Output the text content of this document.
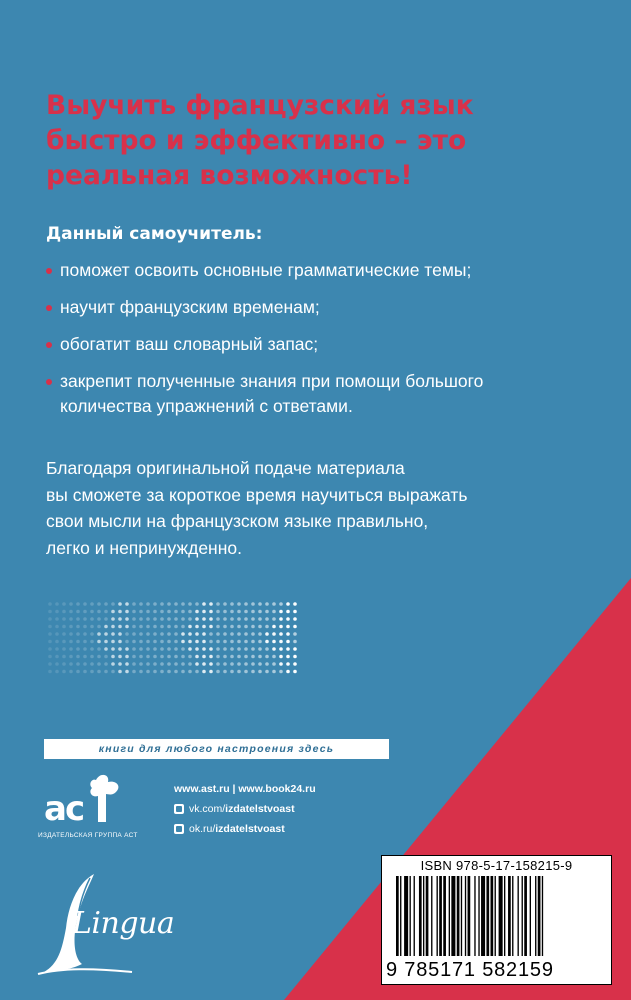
Выучить французский язык
быстро и эффективно – это
реальная возможность!

Данный самоучитель:

поможет освоить основные грамматические темы;
научит французским временам;
обогатит ваш словарный запас;
закрепит полученные знания при помощи большого
количества упражнений с ответами.

Благодаря оригинальной подаче материала
вы сможете за короткое время научиться выражать
свои мысли на французском языке правильно,
легко и непринужденно.

книги для любого настроения здесь
ac
ИЗДАТЕЛЬСКАЯ ГРУППА АСТ
www.ast.ru | www.book24.ru
vk.com/ izdatelstvoast
ok.ru/ izdatelstvoast
Lingua
ISBN 978-5-17-158215-9
9 785171 582159
